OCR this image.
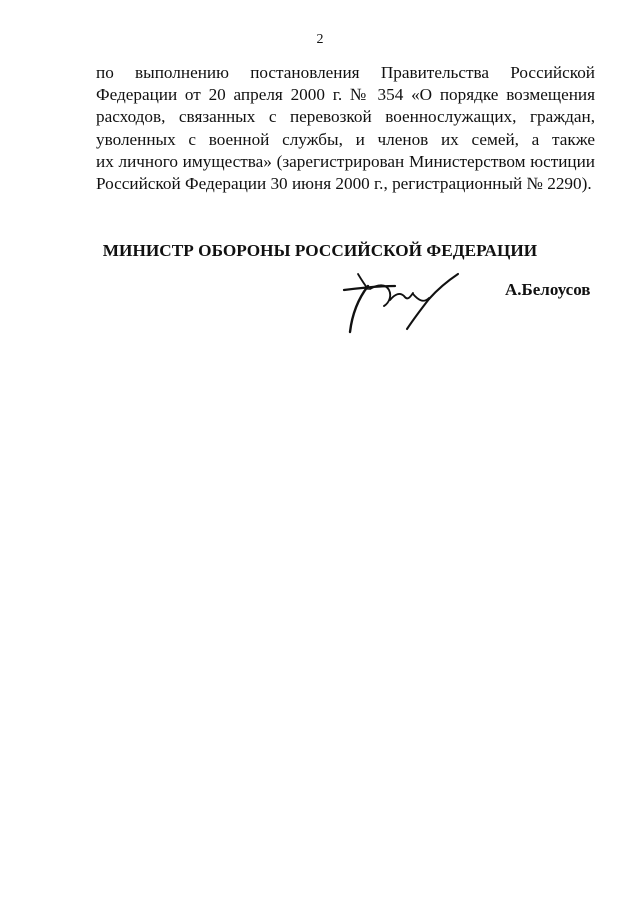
2
по выполнению постановления Правительства Российской
Федерации от 20 апреля 2000 г. № 354 «О порядке возмещения
расходов, связанных с перевозкой военнослужащих, граждан,
уволенных с военной службы, и членов их семей, а также
их личного имущества» (зарегистрирован Министерством юстиции
Российской Федерации 30 июня 2000 г., регистрационный № 2290).
МИНИСТР ОБОРОНЫ РОССИЙСКОЙ ФЕДЕРАЦИИ
А.Белоусов
